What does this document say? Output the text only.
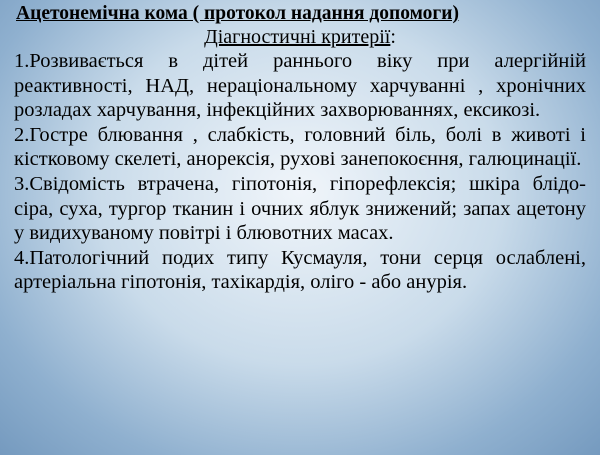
Ацетонемічна кома ( протокол надання допомоги)
Діагностичні критерії:

1.Розвивається в дітей раннього віку при алергійній реактивності, НАД, нераціональному харчуванні , хронічних розладах харчування, інфекційних захворюваннях, ексикозі.

2.Гостре блювання , слабкість, головний біль, болі в животі і кістковому скелеті, анорексія, рухові занепокоєння, галюцинації.

3.Свідомість втрачена, гіпотонія, гіпорефлексія; шкіра блідо-сіра, суха, тургор тканин і очних яблук знижений; запах ацетону у видихуваному повітрі і блювотних масах.

4.Патологічний подих типу Кусмауля, тони серця ослаблені, артеріальна гіпотонія, тахікардія, оліго - або анурія.
